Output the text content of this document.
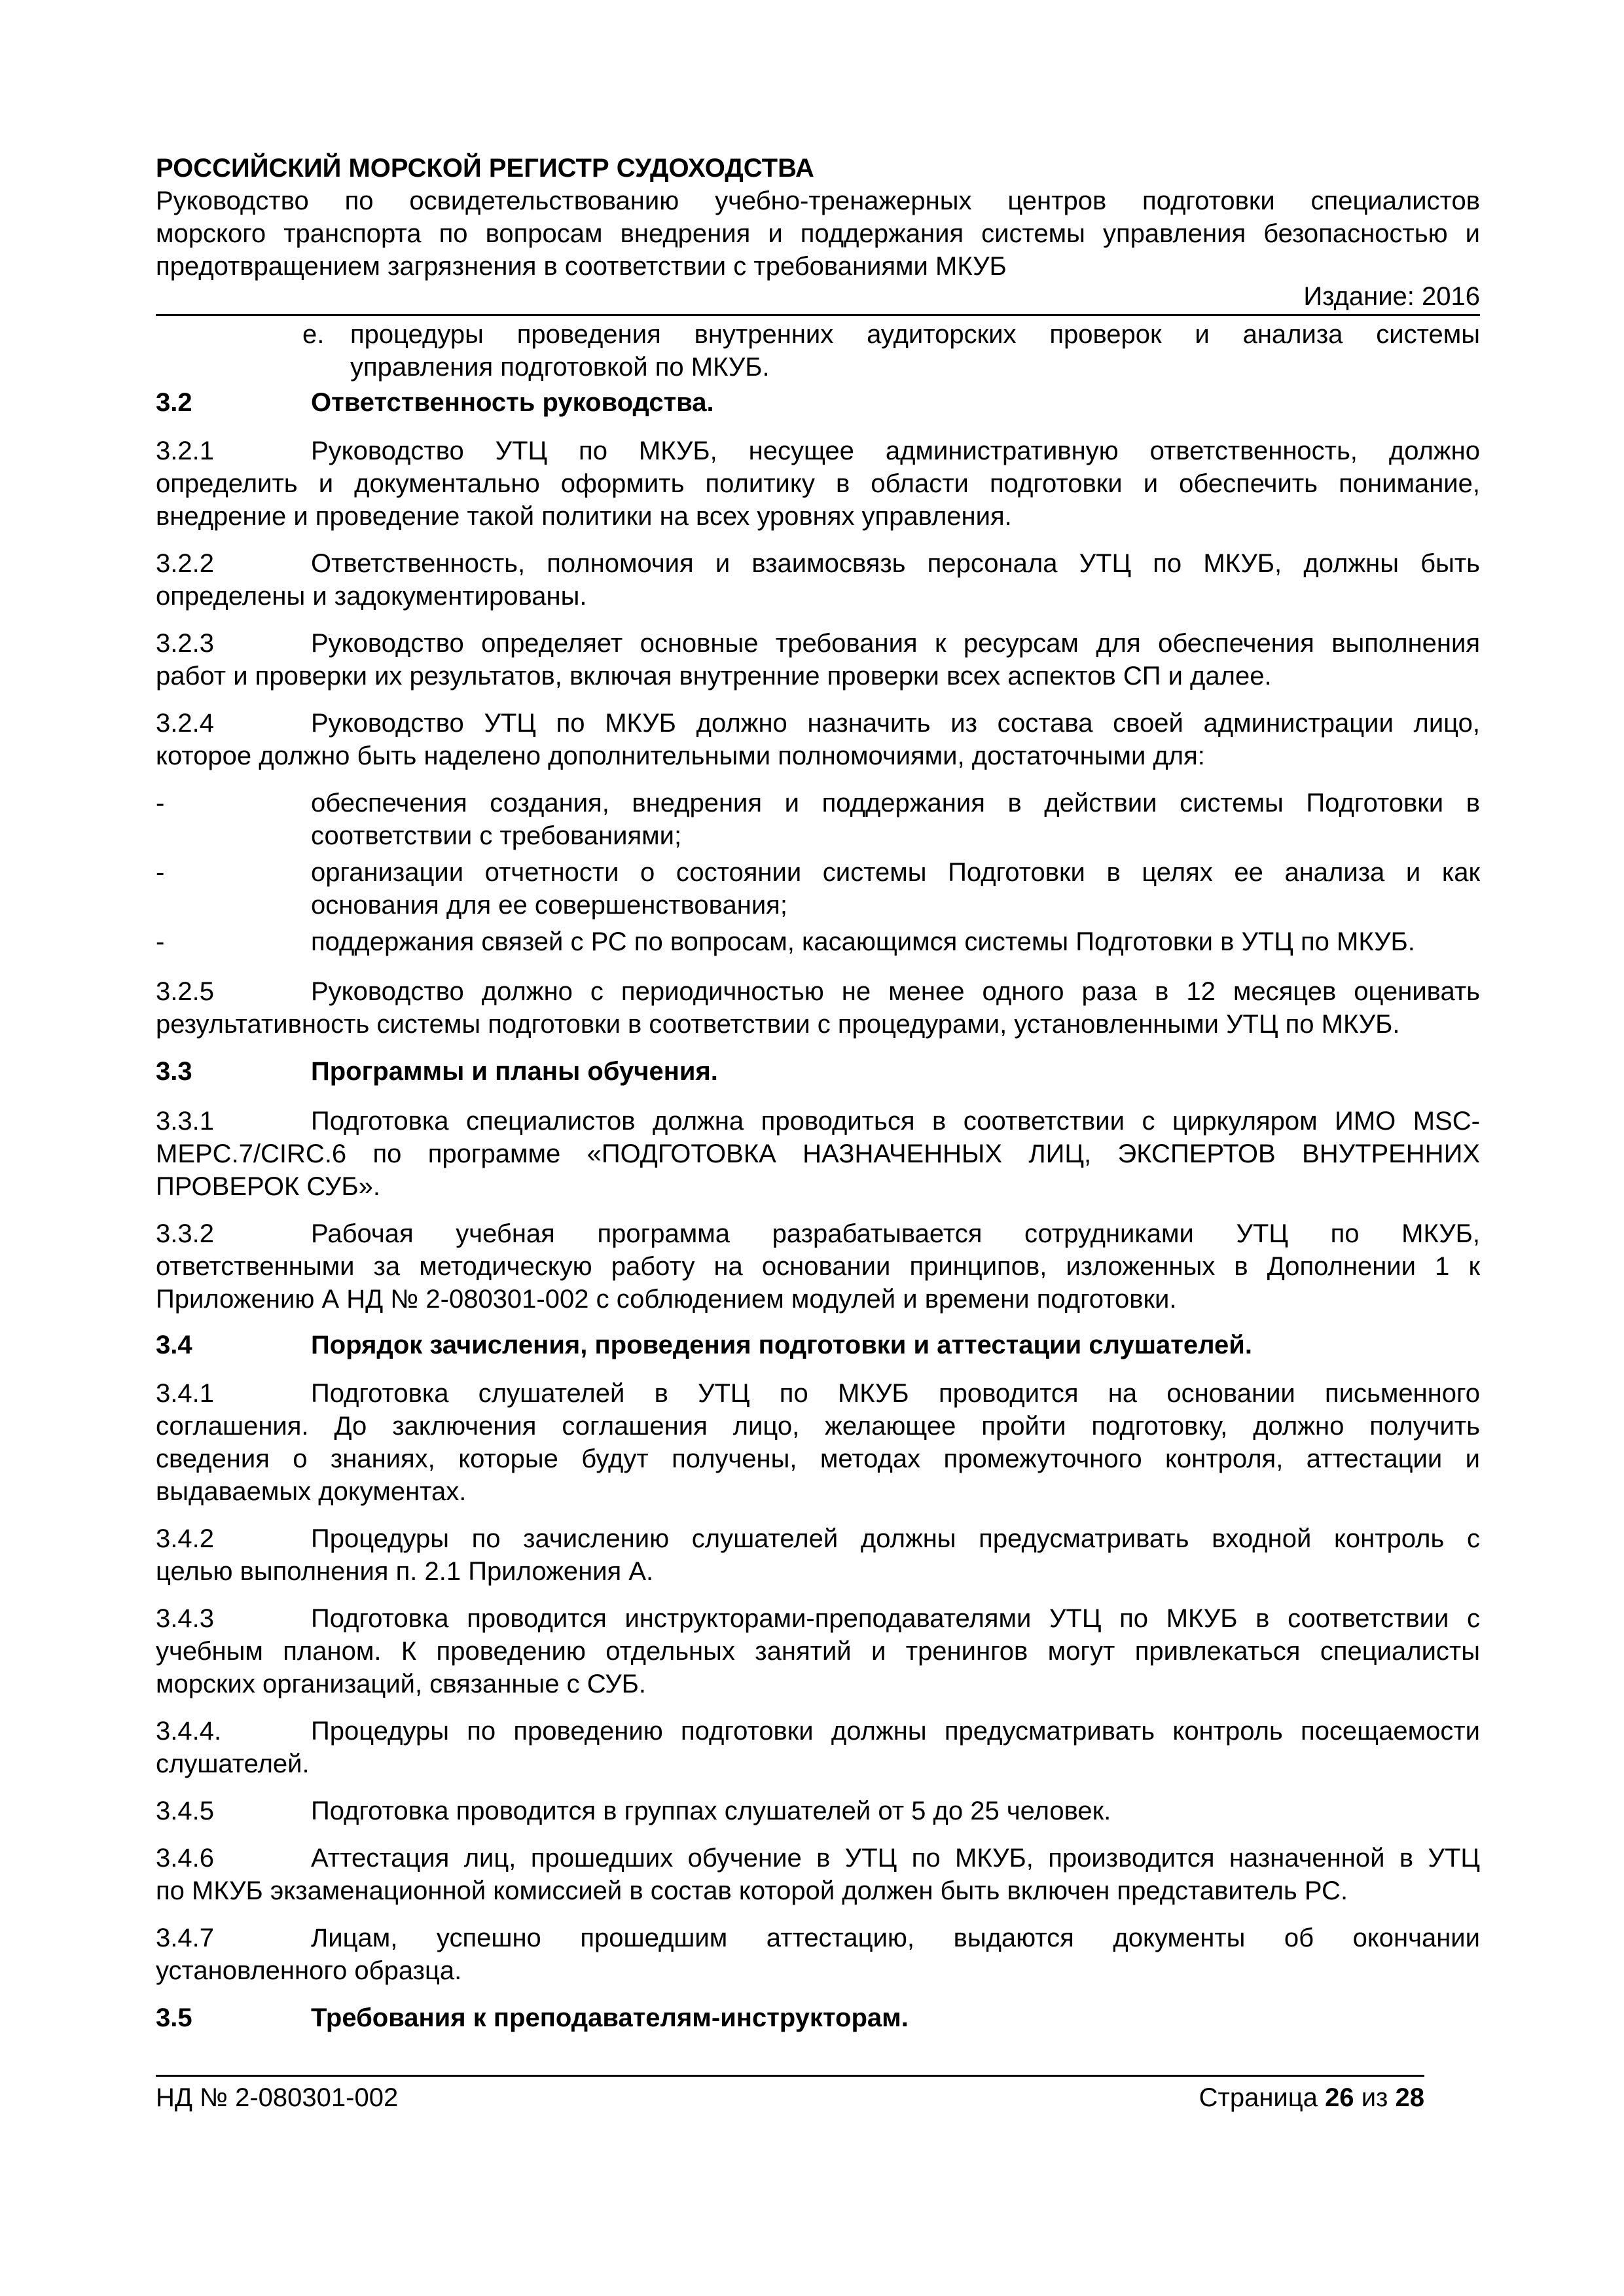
РОССИЙСКИЙ МОРСКОЙ РЕГИСТР СУДОХОДСТВА
Руководство по освидетельствованию учебно-тренажерных центров подготовки специалистов
морского транспорта по вопросам внедрения и поддержания системы управления безопасностью и
предотвращением загрязнения в соответствии с требованиями МКУБ
Издание: 2016
e. процедуры проведения внутренних аудиторских проверок и анализа системы
управления подготовкой по МКУБ.
3.2	Ответственность руководства.
3.2.1	Руководство УТЦ по МКУБ, несущее административную ответственность, должно
определить и документально оформить политику в области подготовки и обеспечить понимание,
внедрение и проведение такой политики на всех уровнях управления.
3.2.2	Ответственность, полномочия и взаимосвязь персонала УТЦ по МКУБ, должны быть
определены и задокументированы.
3.2.3	Руководство определяет основные требования к ресурсам для обеспечения выполнения
работ и проверки их результатов, включая внутренние проверки всех аспектов СП и далее.
3.2.4	Руководство УТЦ по МКУБ должно назначить из состава своей администрации лицо,
которое должно быть наделено дополнительными полномочиями, достаточными для:
-	обеспечения создания, внедрения и поддержания в действии системы Подготовки в
соответствии с требованиями;
-	организации отчетности о состоянии системы Подготовки в целях ее анализа и как
основания для ее совершенствования;
-	поддержания связей с РС по вопросам, касающимся системы Подготовки в УТЦ по МКУБ.
3.2.5	Руководство должно с периодичностью не менее одного раза в 12 месяцев оценивать
результативность системы подготовки в соответствии с процедурами, установленными УТЦ по МКУБ.
3.3	Программы и планы обучения.
3.3.1	Подготовка специалистов должна проводиться в соответствии с циркуляром ИМО MSC-
MEPC.7/CIRC.6 по программе «ПОДГОТОВКА НАЗНАЧЕННЫХ ЛИЦ, ЭКСПЕРТОВ ВНУТРЕННИХ
ПРОВЕРОК СУБ».
3.3.2	Рабочая учебная программа разрабатывается сотрудниками УТЦ по МКУБ,
ответственными за методическую работу на основании принципов, изложенных в Дополнении 1 к
Приложению А НД № 2-080301-002 с соблюдением модулей и времени подготовки.
3.4	Порядок зачисления, проведения подготовки и аттестации слушателей.
3.4.1	Подготовка слушателей в УТЦ по МКУБ проводится на основании письменного
соглашения. До заключения соглашения лицо, желающее пройти подготовку, должно получить
сведения о знаниях, которые будут получены, методах промежуточного контроля, аттестации и
выдаваемых документах.
3.4.2	Процедуры по зачислению слушателей должны предусматривать входной контроль с
целью выполнения п. 2.1 Приложения А.
3.4.3	Подготовка проводится инструкторами-преподавателями УТЦ по МКУБ в соответствии с
учебным планом. К проведению отдельных занятий и тренингов могут привлекаться специалисты
морских организаций, связанные с СУБ.
3.4.4.	Процедуры по проведению подготовки должны предусматривать контроль посещаемости
слушателей.
3.4.5	Подготовка проводится в группах слушателей от 5 до 25 человек.
3.4.6	Аттестация лиц, прошедших обучение в УТЦ по МКУБ, производится назначенной в УТЦ
по МКУБ экзаменационной комиссией в состав которой должен быть включен представитель РС.
3.4.7	Лицам, успешно прошедшим аттестацию, выдаются документы об окончании
установленного образца.
3.5	Требования к преподавателям-инструкторам.
НД № 2-080301-002	Страница 26 из 28
